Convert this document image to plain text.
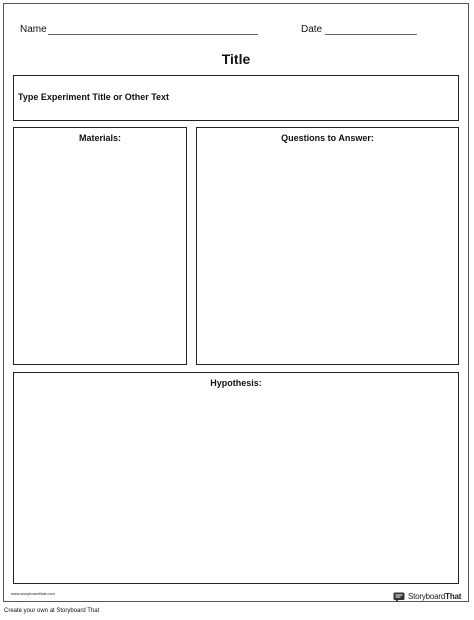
Name	Date
Title
Type Experiment Title or Other Text
Materials:	Questions to Answer:
Hypothesis:
www.storyboardthat.com	StoryboardThat
Create your own at Storyboard That
